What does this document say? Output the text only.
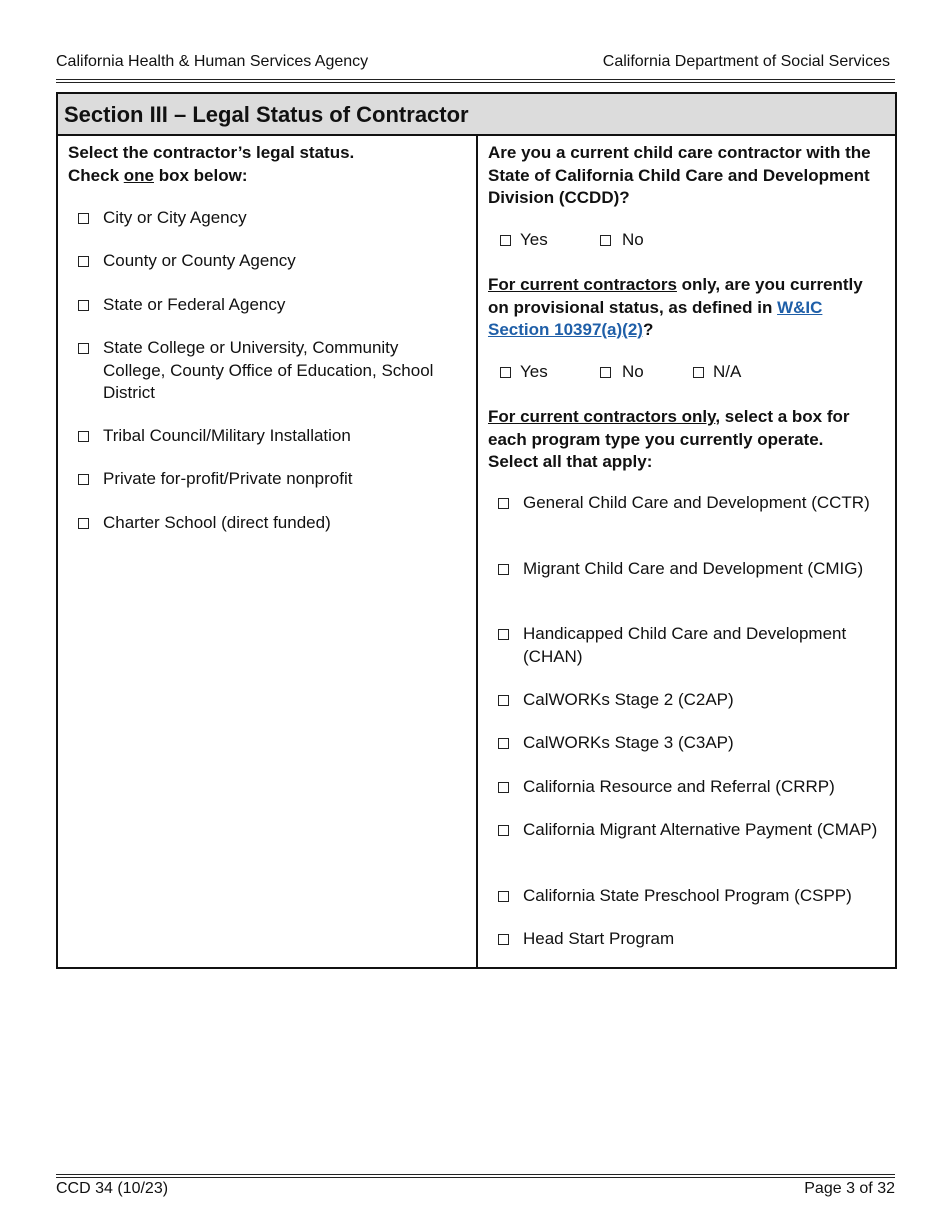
California Health & Human Services Agency	California Department of Social Services
Section III – Legal Status of Contractor

Select the contractor’s legal status.
Check one box below:

City or City Agency
County or County Agency
State or Federal Agency
State College or University, Community College, County Office of Education, School District
Tribal Council/Military Installation
Private for-profit/Private nonprofit
Charter School (direct funded)

Are you a current child care contractor with the State of California Child Care and Development Division (CCDD)?

Yes	No

For current contractors only, are you currently on provisional status, as defined in W&IC Section 10397(a)(2)?

Yes	No	N/A

For current contractors only, select a box for each program type you currently operate. Select all that apply:

General Child Care and Development (CCTR)
Migrant Child Care and Development (CMIG)
Handicapped Child Care and Development (CHAN)
CalWORKs Stage 2 (C2AP)
CalWORKs Stage 3 (C3AP)
California Resource and Referral (CRRP)
California Migrant Alternative Payment (CMAP)
California State Preschool Program (CSPP)
Head Start Program
CCD 34 (10/23)	Page 3 of 32
